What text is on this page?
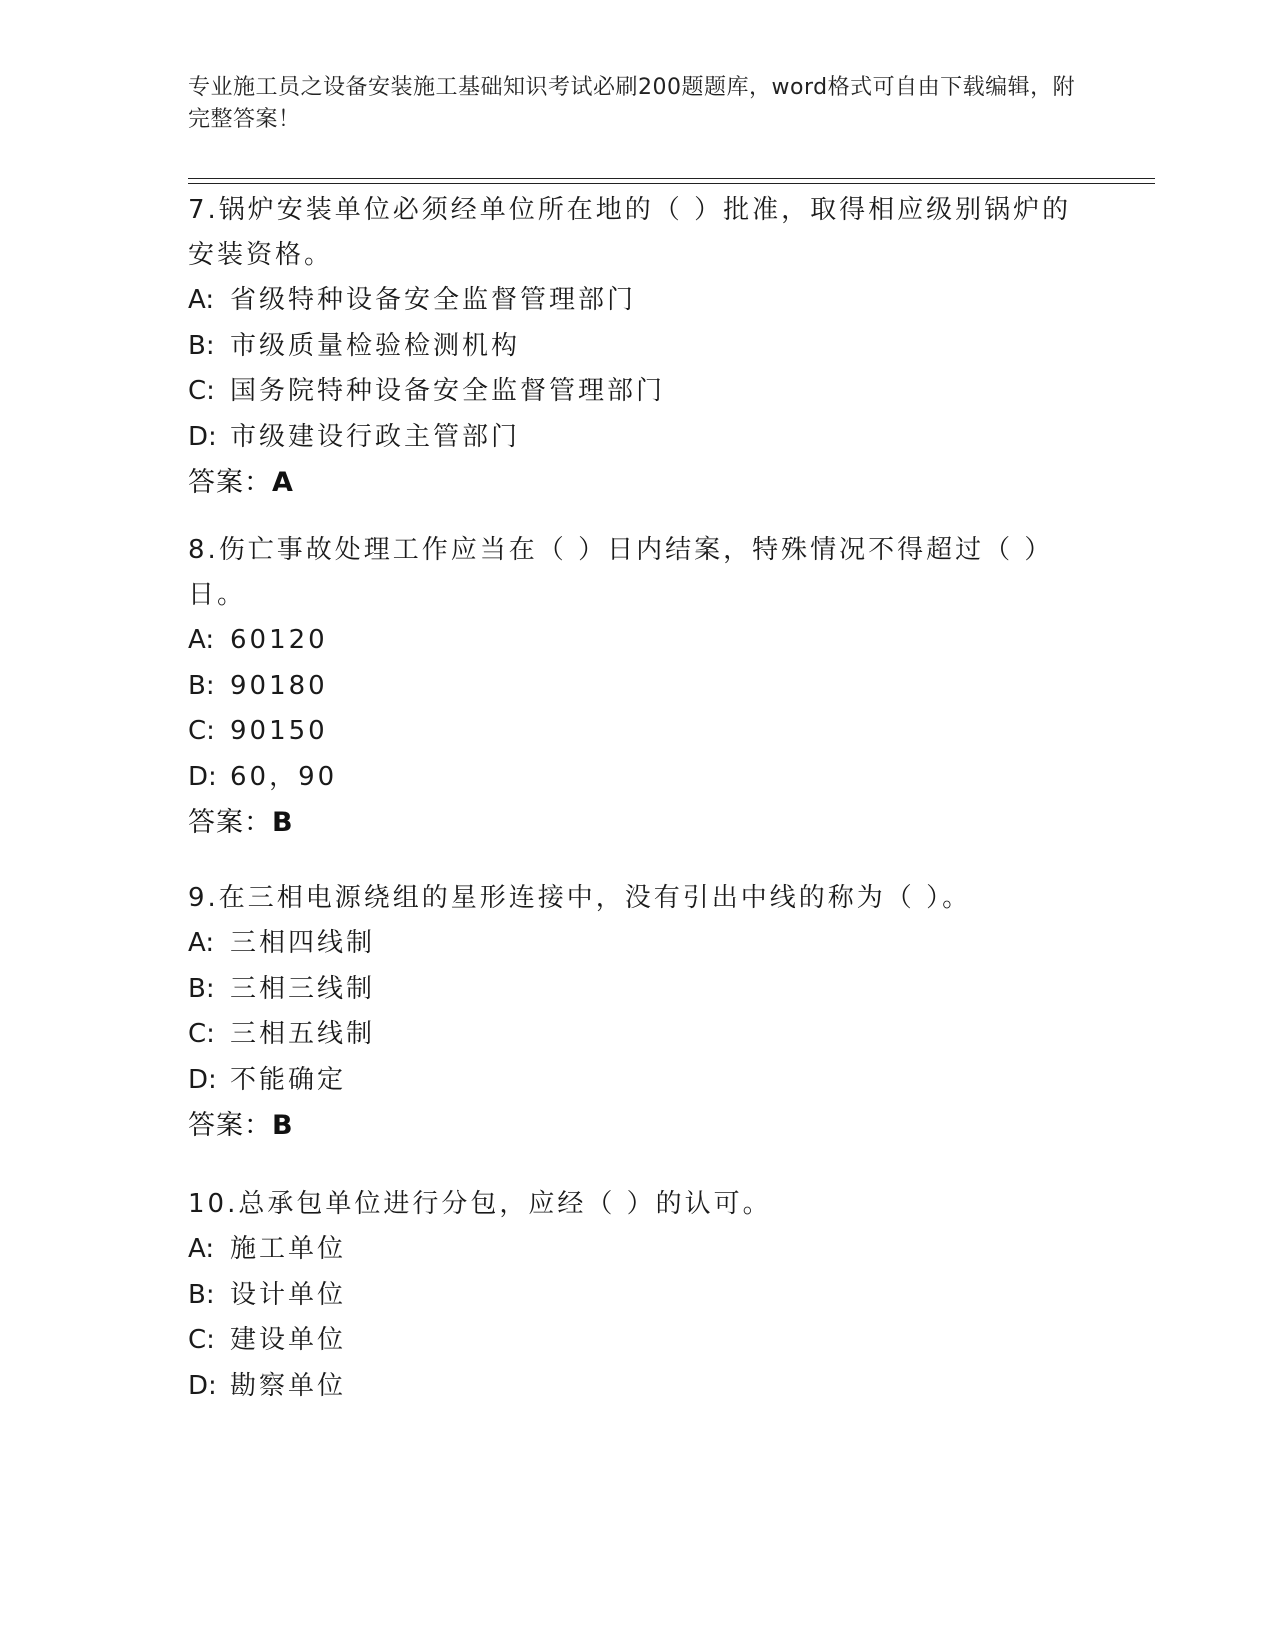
专业施工员之设备安装施工基础知识考试必刷200题题库，word格式可自由下载编辑，附完整答案！
7.锅炉安装单位必须经单位所在地的（ ）批准，取得相应级别锅炉的安装资格。
A: 省级特种设备安全监督管理部门
B: 市级质量检验检测机构
C: 国务院特种设备安全监督管理部门
D: 市级建设行政主管部门
答案：A
8.伤亡事故处理工作应当在（ ）日内结案，特殊情况不得超过（ ）日。
A: 60120
B: 90180
C: 90150
D: 60，90
答案：B
9.在三相电源绕组的星形连接中，没有引出中线的称为（ ）。
A: 三相四线制
B: 三相三线制
C: 三相五线制
D: 不能确定
答案：B
10.总承包单位进行分包，应经（ ）的认可。
A: 施工单位
B: 设计单位
C: 建设单位
D: 勘察单位
